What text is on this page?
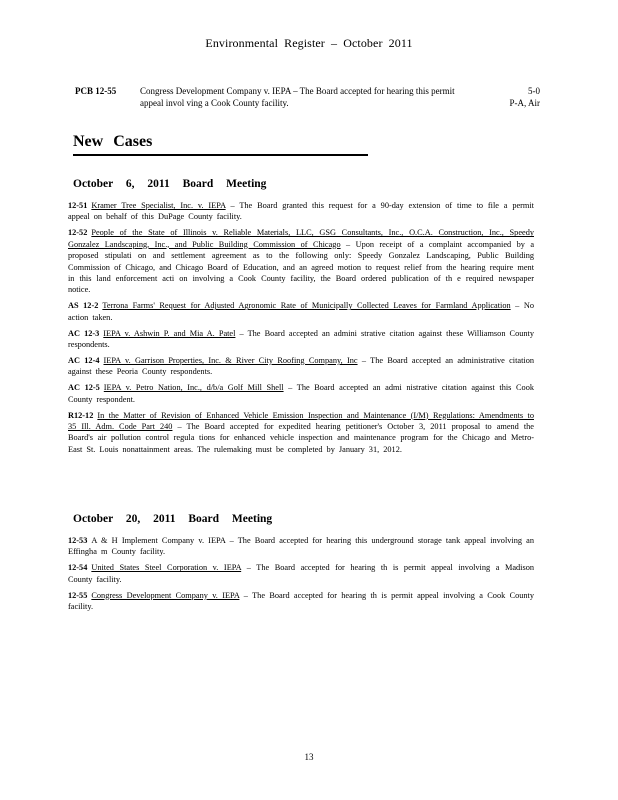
Environmental Register – October 2011
PCB 12-55	Congress Development Company v. IEPA – The Board accepted for hearing this permit appeal invol ving a Cook County facility.
5-0
P-A, Air
New Cases
October 6, 2011 Board Meeting
12-51 Kramer Tree Specialist, Inc. v. IEPA – The Board granted this request for a 90-day extension of time to file a permit appeal on behalf of this DuPage County facility.
12-52 People of the State of Illinois v. Reliable Materials, LLC, GSG Consultants, Inc., O.C.A. Construction, Inc., Speedy Gonzalez Landscaping, Inc., and Public Building Commission of Chicago – Upon receipt of a complaint accompanied by a proposed stipulati on and settlement agreement as to the following only: Speedy Gonzalez Landscaping, Public Building Commission of Chicago, and Chicago Board of Education, and an agreed motion to request relief from the hearing require ment in this land enforcement acti on involving a Cook County facility, the Board ordered publication of th e required newspaper notice.
AS 12-2 Terrona Farms' Request for Adjusted Agronomic Rate of Municipally Collected Leaves for Farmland Application – No action taken.
AC 12-3 IEPA v. Ashwin P. and Mia A. Patel – The Board accepted an admini strative citation against these Williamson County respondents.
AC 12-4 IEPA v. Garrison Properties, Inc. & River City Roofing Company, Inc – The Board accepted an administrative citation against these Peoria County respondents.
AC 12-5 IEPA v. Petro Nation, Inc., d/b/a Golf Mill Shell – The Board accepted an admi nistrative citation against this Cook County respondent.
R12-12 In the Matter of Revision of Enhanced Vehicle Emission Inspection and Maintenance (I/M) Regulations: Amendments to 35 Ill. Adm. Code Part 240 – The Board accepted for expedited hearing petitioner's October 3, 2011 proposal to amend the Board's air pollution control regula tions for enhanced vehicle inspection and maintenance program for the Chicago and Metro-East St. Louis nonattainment areas. The rulemaking must be completed by January 31, 2012.
October 20, 2011 Board Meeting
12-53 A & H Implement Company v. IEPA – The Board accepted for hearing this underground storage tank appeal involving an Effingha m County facility.
12-54 United States Steel Corporation v. IEPA – The Board accepted for hearing th is permit appeal involving a Madison County facility.
12-55 Congress Development Company v. IEPA – The Board accepted for hearing th is permit appeal involving a Cook County facility.
13
